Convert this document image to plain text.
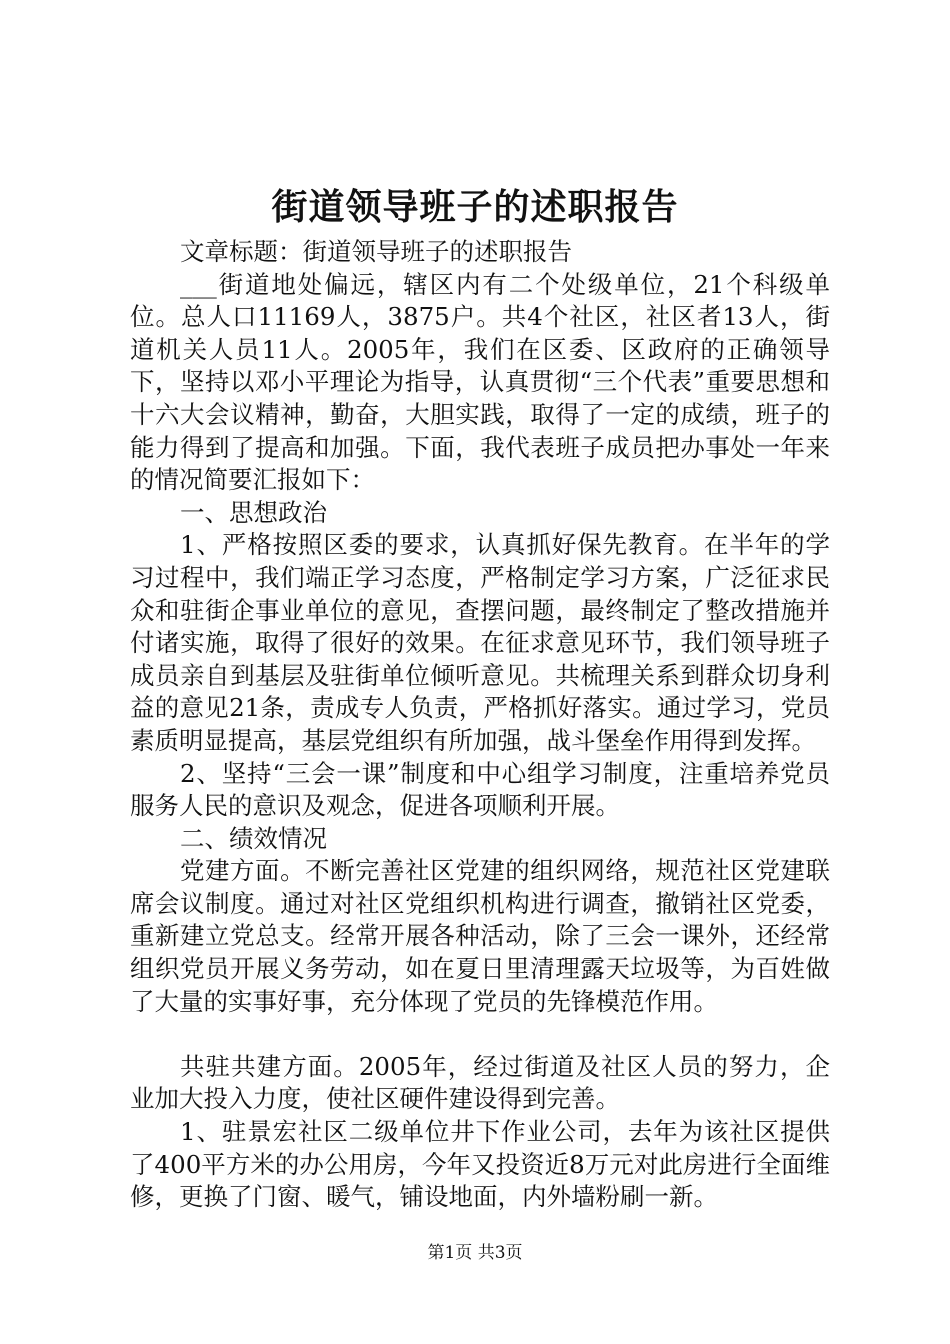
街道领导班子的述职报告

文章标题：街道领导班子的述职报告

___街道地处偏远，辖区内有二个处级单位，21个科级单位。总人口11169人，3875户。共4个社区，社区者13人，街道机关人员11人。2005年，我们在区委、区政府的正确领导下，坚持以邓小平理论为指导，认真贯彻“三个代表”重要思想和十六大会议精神，勤奋，大胆实践，取得了一定的成绩，班子的能力得到了提高和加强。下面，我代表班子成员把办事处一年来的情况简要汇报如下：

一、思想政治

1、严格按照区委的要求，认真抓好保先教育。在半年的学习过程中，我们端正学习态度，严格制定学习方案，广泛征求民众和驻街企事业单位的意见，查摆问题，最终制定了整改措施并付诸实施，取得了很好的效果。在征求意见环节，我们领导班子成员亲自到基层及驻街单位倾听意见。共梳理关系到群众切身利益的意见21条，责成专人负责，严格抓好落实。通过学习，党员素质明显提高，基层党组织有所加强，战斗堡垒作用得到发挥。

2、坚持“三会一课”制度和中心组学习制度，注重培养党员服务人民的意识及观念，促进各项顺利开展。

二、绩效情况

党建方面。不断完善社区党建的组织网络，规范社区党建联席会议制度。通过对社区党组织机构进行调查，撤销社区党委，重新建立党总支。经常开展各种活动，除了三会一课外，还经常组织党员开展义务劳动，如在夏日里清理露天垃圾等，为百姓做了大量的实事好事，充分体现了党员的先锋模范作用。

共驻共建方面。2005年，经过街道及社区人员的努力，企业加大投入力度，使社区硬件建设得到完善。

1、驻景宏社区二级单位井下作业公司，去年为该社区提供了400平方米的办公用房，今年又投资近8万元对此房进行全面维修，更换了门窗、暖气，铺设地面，内外墙粉刷一新。

第1页 共3页
